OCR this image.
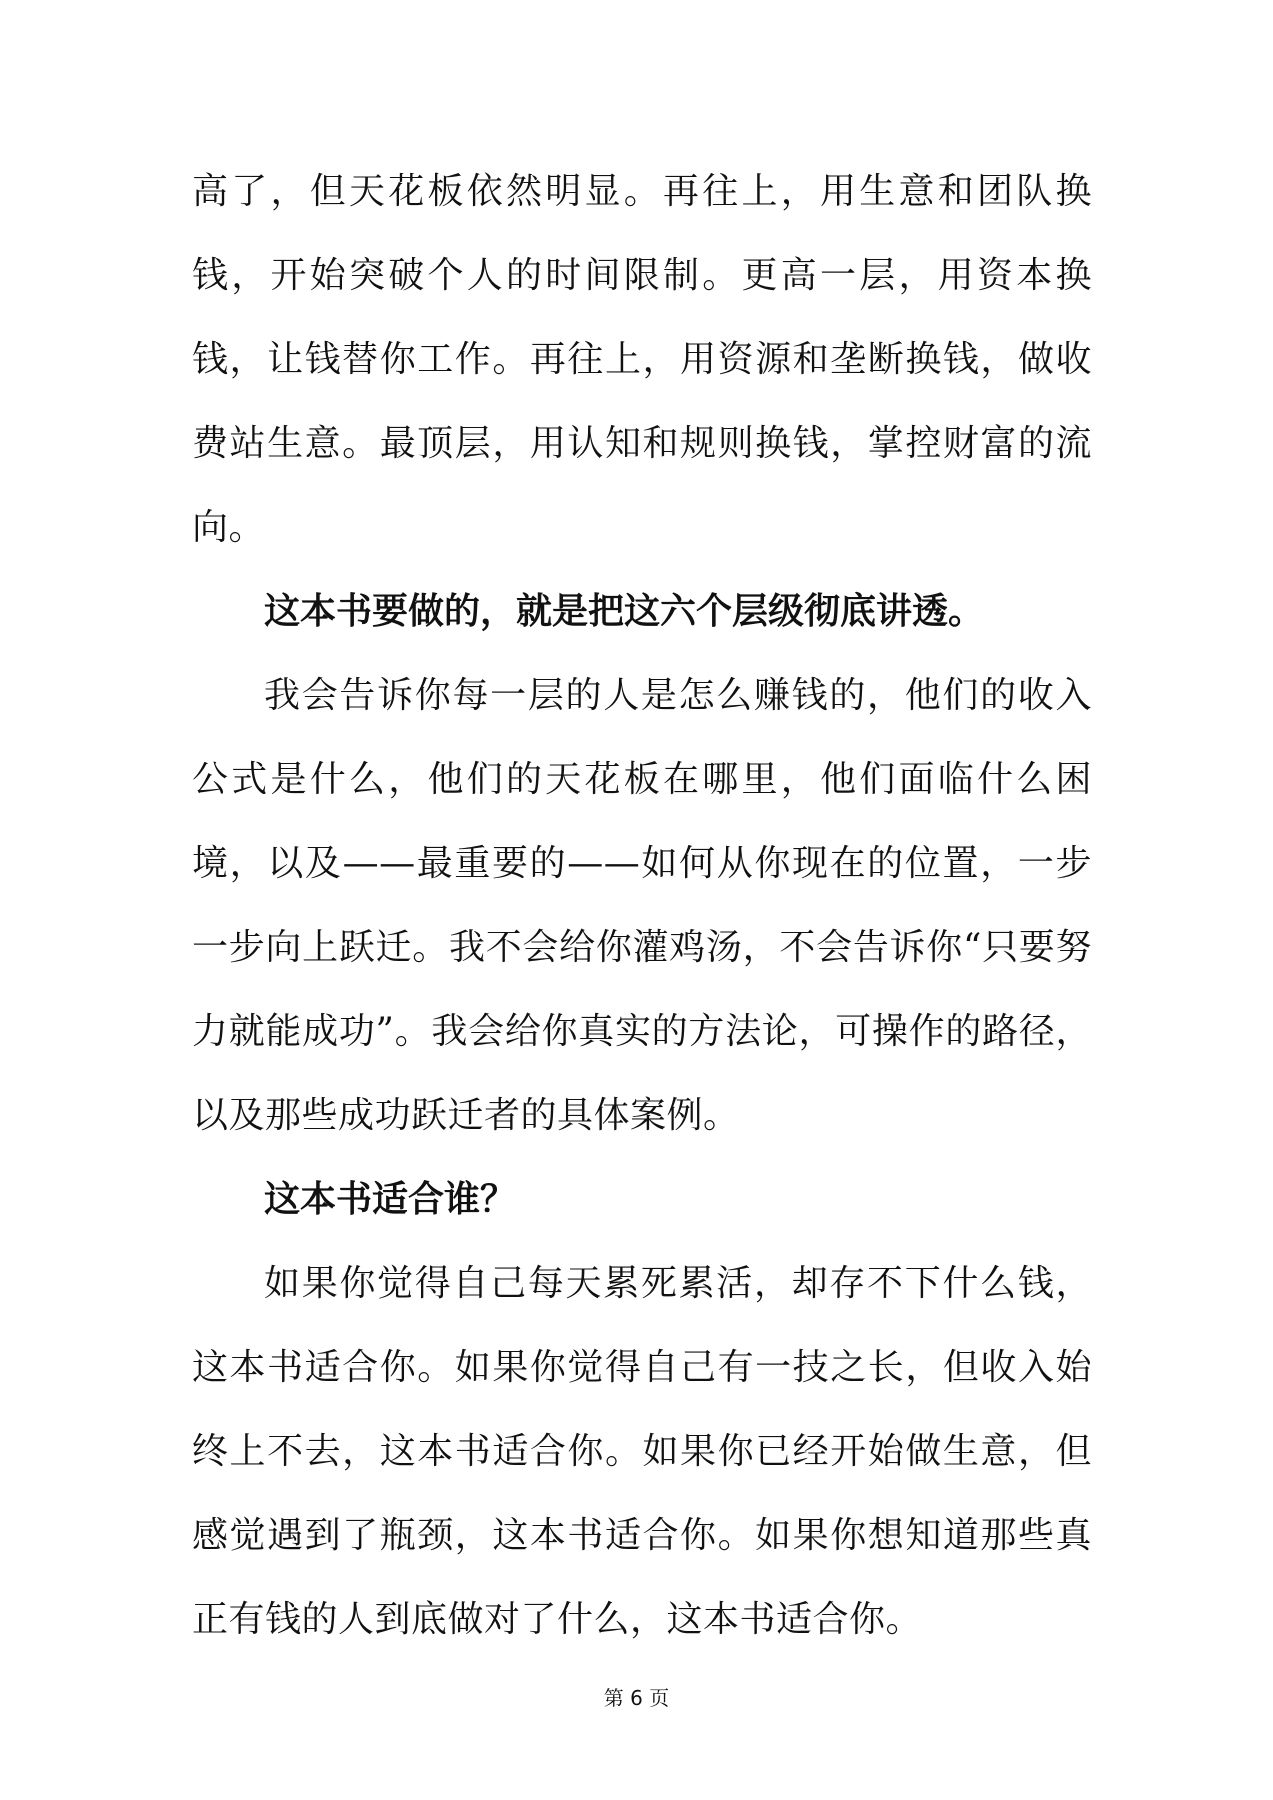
高了，但天花板依然明显。再往上，用生意和团队换钱，开始突破个人的时间限制。更高一层，用资本换钱，让钱替你工作。再往上，用资源和垄断换钱，做收费站生意。最顶层，用认知和规则换钱，掌控财富的流向。

这本书要做的，就是把这六个层级彻底讲透。

我会告诉你每一层的人是怎么赚钱的，他们的收入公式是什么，他们的天花板在哪里，他们面临什么困境，以及——最重要的——如何从你现在的位置，一步一步向上跃迁。我不会给你灌鸡汤，不会告诉你“只要努力就能成功”。我会给你真实的方法论，可操作的路径，以及那些成功跃迁者的具体案例。

这本书适合谁？

如果你觉得自己每天累死累活，却存不下什么钱，这本书适合你。如果你觉得自己有一技之长，但收入始终上不去，这本书适合你。如果你已经开始做生意，但感觉遇到了瓶颈，这本书适合你。如果你想知道那些真正有钱的人到底做对了什么，这本书适合你。

第 6 页
